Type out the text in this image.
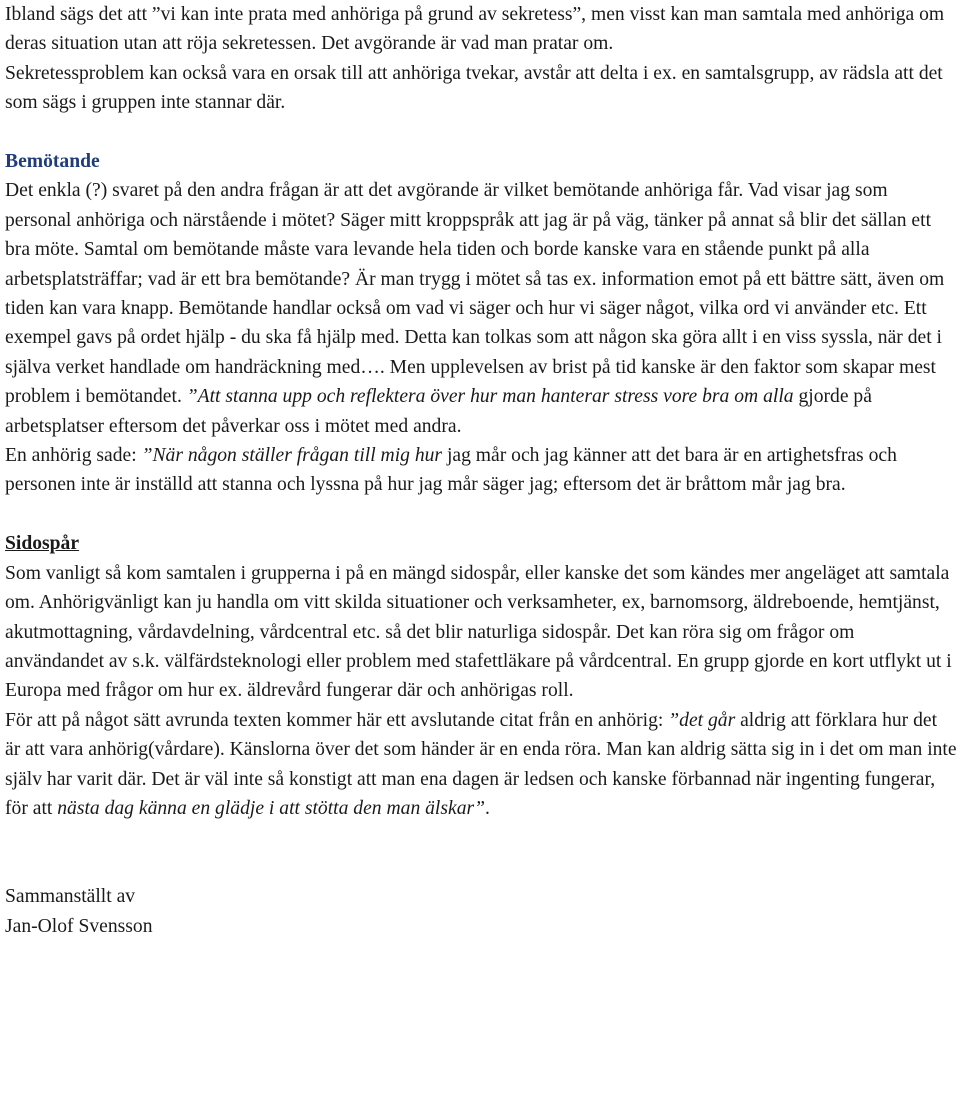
Ibland sägs det att ”vi kan inte prata med anhöriga på grund av sekretess”, men visst kan man samtala med anhöriga om deras situation utan att röja sekretessen. Det avgörande är vad man pratar om.

Sekretessproblem kan också vara en orsak till att anhöriga tvekar, avstår att delta i ex. en samtalsgrupp, av rädsla att det som sägs i gruppen inte stannar där.

Bemötande

Det enkla (?) svaret på den andra frågan är att det avgörande är vilket bemötande anhöriga får. Vad visar jag som personal anhöriga och närstående i mötet? Säger mitt kroppspråk att jag är på väg, tänker på annat så blir det sällan ett bra möte. Samtal om bemötande måste vara levande hela tiden och borde kanske vara en stående punkt på alla arbetsplatsträffar; vad är ett bra bemötande? Är man trygg i mötet så tas ex. information emot på ett bättre sätt, även om tiden kan vara knapp. Bemötande handlar också om vad vi säger och hur vi säger något, vilka ord vi använder etc. Ett exempel gavs på ordet hjälp - du ska få hjälp med. Detta kan tolkas som att någon ska göra allt i en viss syssla, när det i själva verket handlade om handräckning med…. Men upplevelsen av brist på tid kanske är den faktor som skapar mest problem i bemötandet. ”Att stanna upp och reflektera över hur man hanterar stress vore bra om alla gjorde på arbetsplatser eftersom det påverkar oss i mötet med andra.

En anhörig sade: ”När någon ställer frågan till mig hur jag mår och jag känner att det bara är en artighetsfras och personen inte är inställd att stanna och lyssna på hur jag mår säger jag; eftersom det är bråttom mår jag bra.

Sidospår

Som vanligt så kom samtalen i grupperna i på en mängd sidospår, eller kanske det som kändes mer angeläget att samtala om. Anhörigvänligt kan ju handla om vitt skilda situationer och verksamheter, ex, barnomsorg, äldreboende, hemtjänst, akutmottagning, vårdavdelning, vårdcentral etc. så det blir naturliga sidospår. Det kan röra sig om frågor om användandet av s.k. välfärdsteknologi eller problem med stafettläkare på vårdcentral. En grupp gjorde en kort utflykt ut i Europa med frågor om hur ex. äldrevård fungerar där och anhörigas roll.

För att på något sätt avrunda texten kommer här ett avslutande citat från en anhörig: ”det går aldrig att förklara hur det är att vara anhörig(vårdare). Känslorna över det som händer är en enda röra. Man kan aldrig sätta sig in i det om man inte själv har varit där. Det är väl inte så konstigt att man ena dagen är ledsen och kanske förbannad när ingenting fungerar, för att nästa dag känna en glädje i att stötta den man älskar”.

Sammanställt av

Jan-Olof Svensson
